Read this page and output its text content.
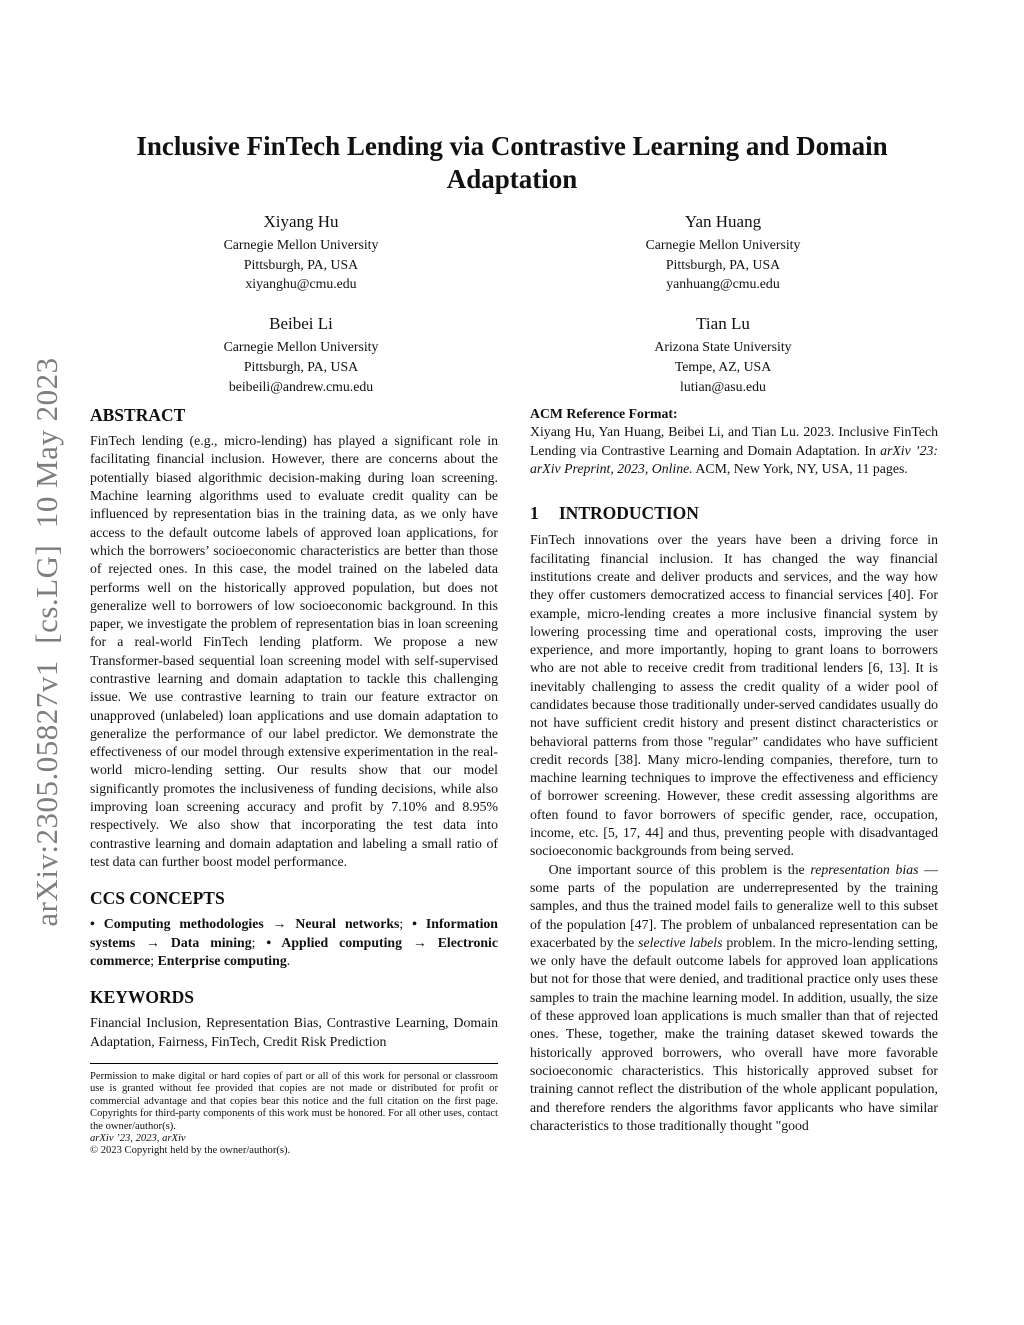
arXiv:2305.05827v1  [cs.LG]  10 May 2023
Inclusive FinTech Lending via Contrastive Learning and Domain Adaptation
Xiyang Hu
Carnegie Mellon University
Pittsburgh, PA, USA
xiyanghu@cmu.edu
Yan Huang
Carnegie Mellon University
Pittsburgh, PA, USA
yanhuang@cmu.edu
Beibei Li
Carnegie Mellon University
Pittsburgh, PA, USA
beibeili@andrew.cmu.edu
Tian Lu
Arizona State University
Tempe, AZ, USA
lutian@asu.edu
ABSTRACT

FinTech lending (e.g., micro-lending) has played a significant role in facilitating financial inclusion. However, there are concerns about the potentially biased algorithmic decision-making during loan screening. Machine learning algorithms used to evaluate credit quality can be influenced by representation bias in the training data, as we only have access to the default outcome labels of approved loan applications, for which the borrowers’ socioeconomic characteristics are better than those of rejected ones. In this case, the model trained on the labeled data performs well on the historically approved population, but does not generalize well to borrowers of low socioeconomic background. In this paper, we investigate the problem of representation bias in loan screening for a real-world FinTech lending platform. We propose a new Transformer-based sequential loan screening model with self-supervised contrastive learning and domain adaptation to tackle this challenging issue. We use contrastive learning to train our feature extractor on unapproved (unlabeled) loan applications and use domain adaptation to generalize the performance of our label predictor. We demonstrate the effectiveness of our model through extensive experimentation in the real-world micro-lending setting. Our results show that our model significantly promotes the inclusiveness of funding decisions, while also improving loan screening accuracy and profit by 7.10% and 8.95% respectively. We also show that incorporating the test data into contrastive learning and domain adaptation and labeling a small ratio of test data can further boost model performance.

CCS CONCEPTS

• Computing methodologies → Neural networks; • Information systems → Data mining; • Applied computing → Electronic commerce; Enterprise computing.

KEYWORDS

Financial Inclusion, Representation Bias, Contrastive Learning, Domain Adaptation, Fairness, FinTech, Credit Risk Prediction

Permission to make digital or hard copies of part or all of this work for personal or classroom use is granted without fee provided that copies are not made or distributed for profit or commercial advantage and that copies bear this notice and the full citation on the first page. Copyrights for third-party components of this work must be honored. For all other uses, contact the owner/author(s).

arXiv ’23, 2023, arXiv

© 2023 Copyright held by the owner/author(s).

ACM Reference Format:

Xiyang Hu, Yan Huang, Beibei Li, and Tian Lu. 2023. Inclusive FinTech Lending via Contrastive Learning and Domain Adaptation. In arXiv ’23: arXiv Preprint, 2023, Online. ACM, New York, NY, USA, 11 pages.

1 INTRODUCTION

FinTech innovations over the years have been a driving force in facilitating financial inclusion. It has changed the way financial institutions create and deliver products and services, and the way how they offer customers democratized access to financial services [40]. For example, micro-lending creates a more inclusive financial system by lowering processing time and operational costs, improving the user experience, and more importantly, hoping to grant loans to borrowers who are not able to receive credit from traditional lenders [6, 13]. It is inevitably challenging to assess the credit quality of a wider pool of candidates because those traditionally under-served candidates usually do not have sufficient credit history and present distinct characteristics or behavioral patterns from those "regular" candidates who have sufficient credit records [38]. Many micro-lending companies, therefore, turn to machine learning techniques to improve the effectiveness and efficiency of borrower screening. However, these credit assessing algorithms are often found to favor borrowers of specific gender, race, occupation, income, etc. [5, 17, 44] and thus, preventing people with disadvantaged socioeconomic backgrounds from being served.

One important source of this problem is the representation bias — some parts of the population are underrepresented by the training samples, and thus the trained model fails to generalize well to this subset of the population [47]. The problem of unbalanced representation can be exacerbated by the selective labels problem. In the micro-lending setting, we only have the default outcome labels for approved loan applications but not for those that were denied, and traditional practice only uses these samples to train the machine learning model. In addition, usually, the size of these approved loan applications is much smaller than that of rejected ones. These, together, make the training dataset skewed towards the historically approved borrowers, who overall have more favorable socioeconomic characteristics. This historically approved subset for training cannot reflect the distribution of the whole applicant population, and therefore renders the algorithms favor applicants who have similar characteristics to those traditionally thought "good
